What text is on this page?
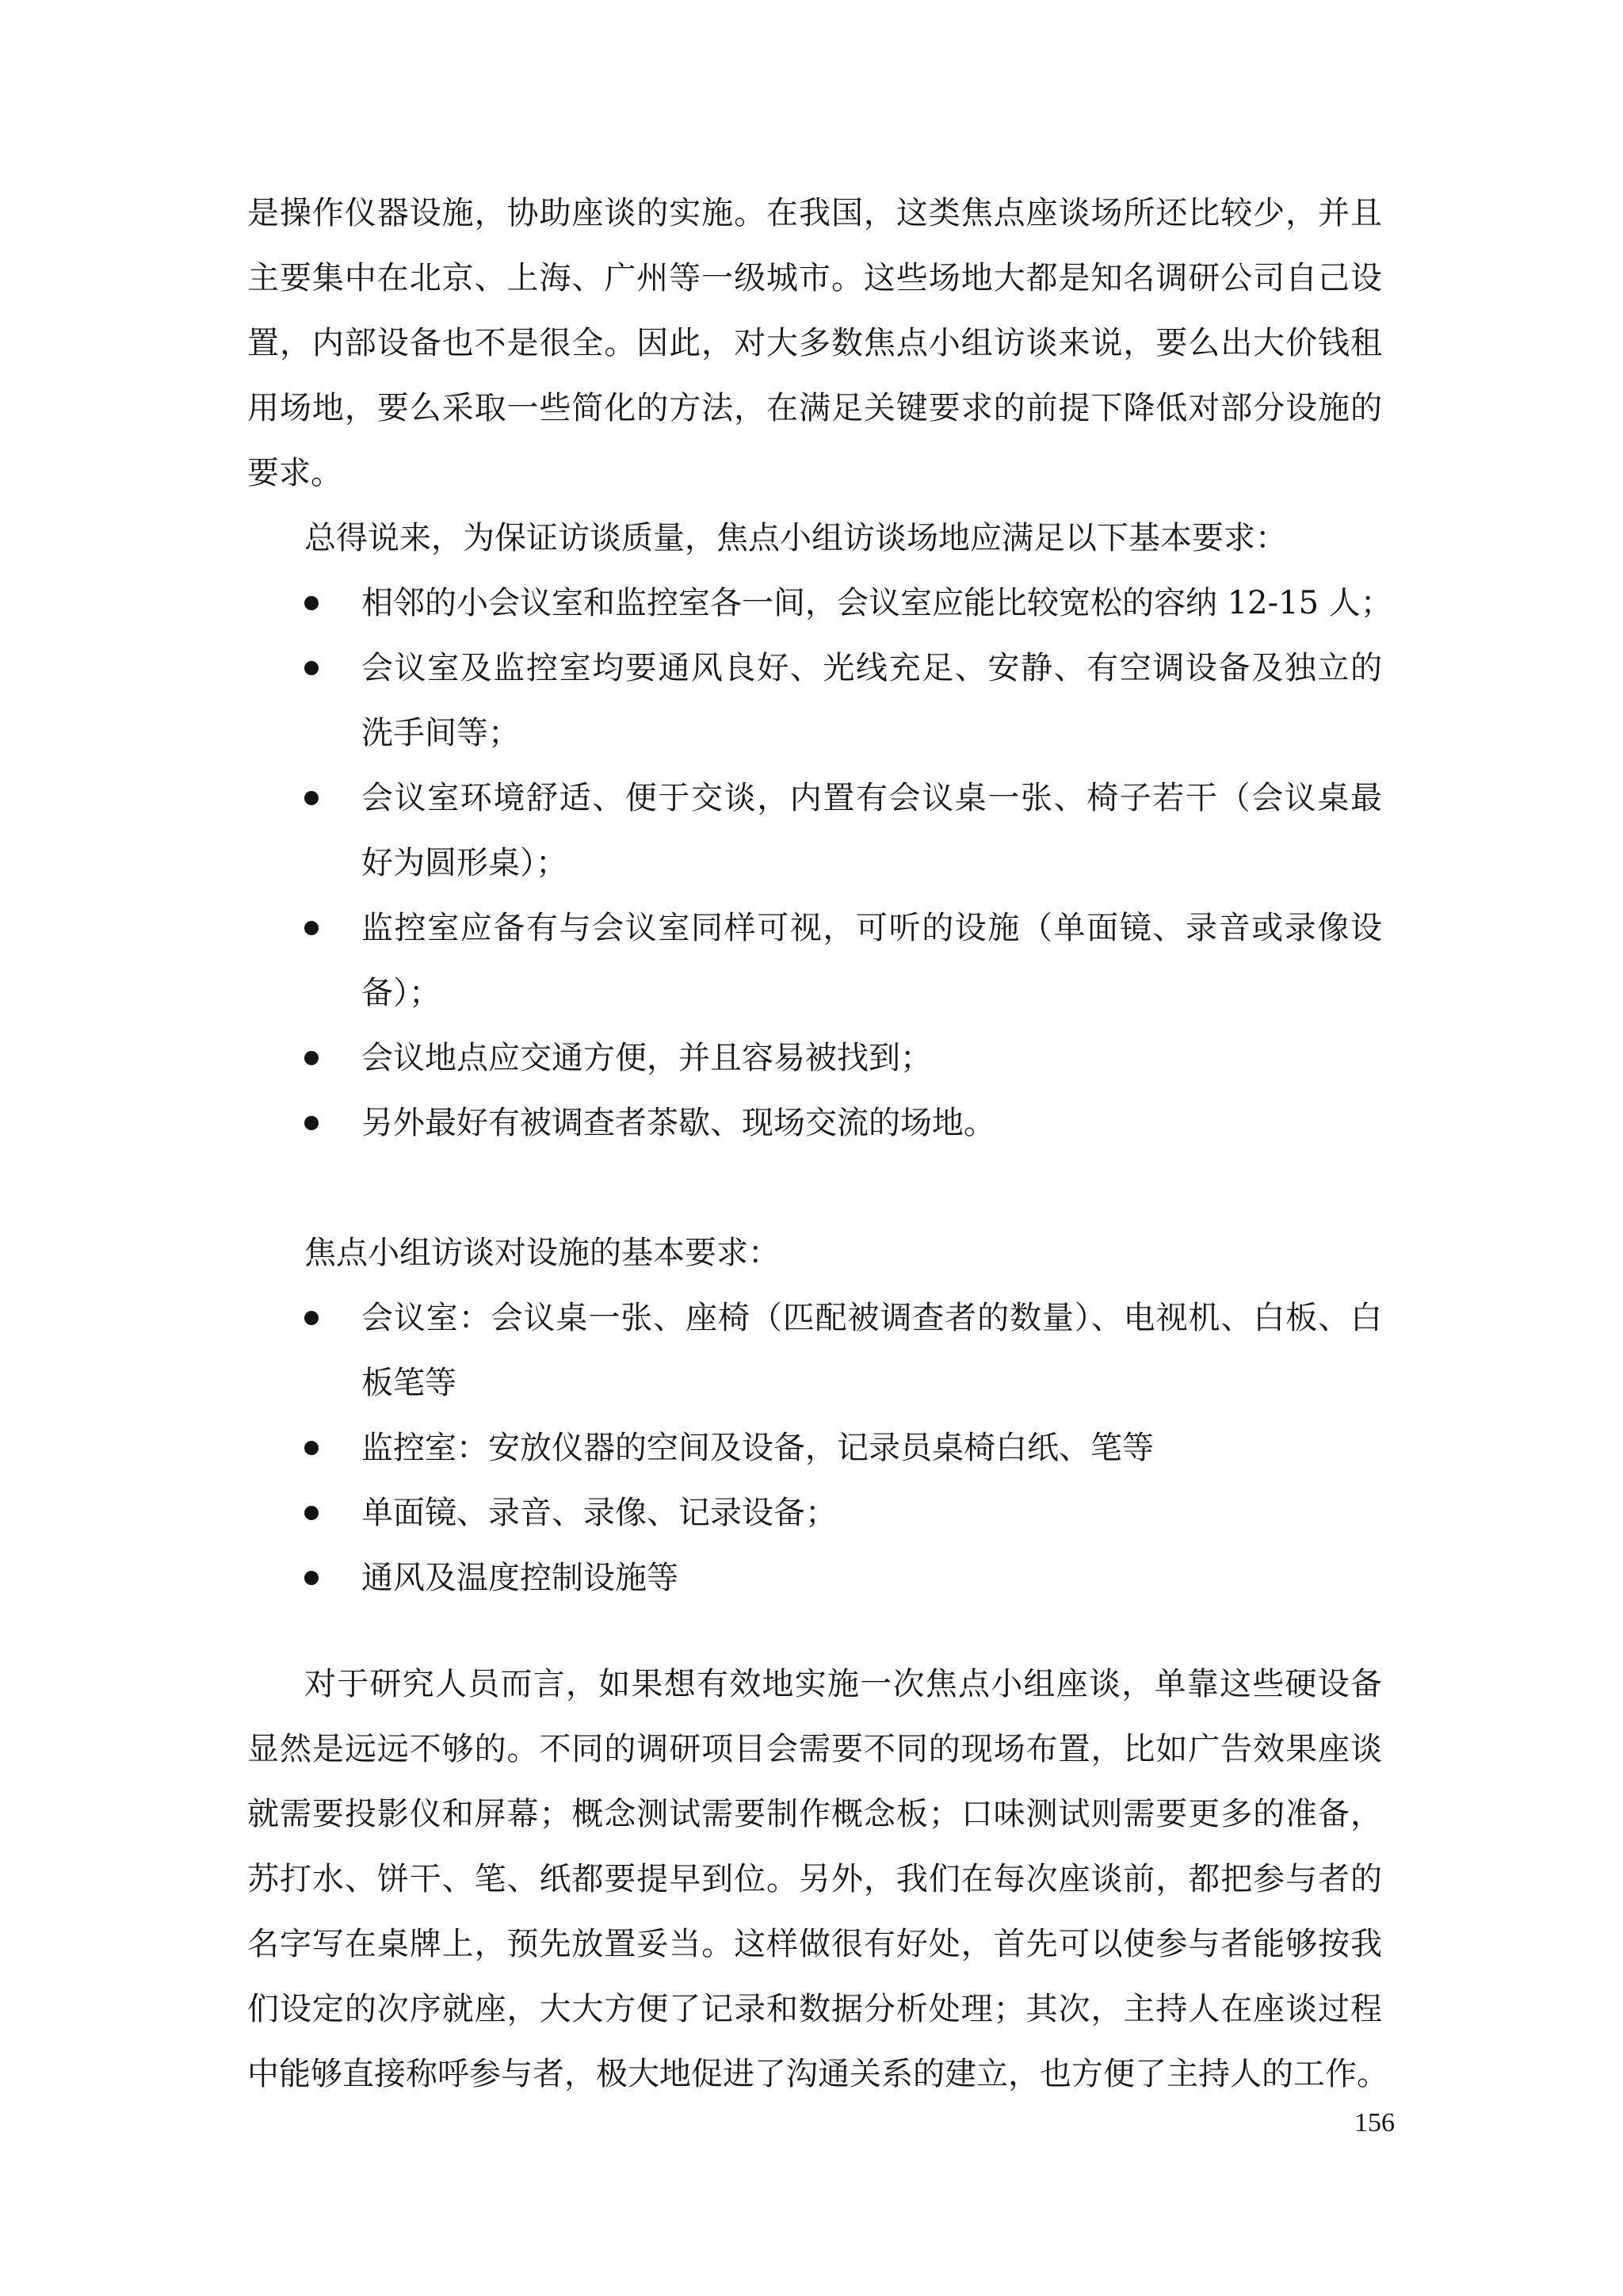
是操作仪器设施，协助座谈的实施。在我国，这类焦点座谈场所还比较少，并且
主要集中在北京、上海、广州等一级城市。这些场地大都是知名调研公司自己设
置，内部设备也不是很全。因此，对大多数焦点小组访谈来说，要么出大价钱租
用场地，要么采取一些简化的方法，在满足关键要求的前提下降低对部分设施的
要求。
总得说来，为保证访谈质量，焦点小组访谈场地应满足以下基本要求：
相邻的小会议室和监控室各一间，会议室应能比较宽松的容纳 12-15 人；
会议室及监控室均要通风良好、光线充足、安静、有空调设备及独立的
洗手间等；
会议室环境舒适、便于交谈，内置有会议桌一张、椅子若干（会议桌最
好为圆形桌）；
监控室应备有与会议室同样可视，可听的设施（单面镜、录音或录像设
备）；
会议地点应交通方便，并且容易被找到；
另外最好有被调查者茶歇、现场交流的场地。
焦点小组访谈对设施的基本要求：
会议室：会议桌一张、座椅（匹配被调查者的数量）、电视机、白板、白
板笔等
监控室：安放仪器的空间及设备，记录员桌椅白纸、笔等
单面镜、录音、录像、记录设备；
通风及温度控制设施等
对于研究人员而言，如果想有效地实施一次焦点小组座谈，单靠这些硬设备
显然是远远不够的。不同的调研项目会需要不同的现场布置，比如广告效果座谈
就需要投影仪和屏幕；概念测试需要制作概念板；口味测试则需要更多的准备，
苏打水、饼干、笔、纸都要提早到位。另外，我们在每次座谈前，都把参与者的
名字写在桌牌上，预先放置妥当。这样做很有好处，首先可以使参与者能够按我
们设定的次序就座，大大方便了记录和数据分析处理；其次，主持人在座谈过程
中能够直接称呼参与者，极大地促进了沟通关系的建立，也方便了主持人的工作。
156
